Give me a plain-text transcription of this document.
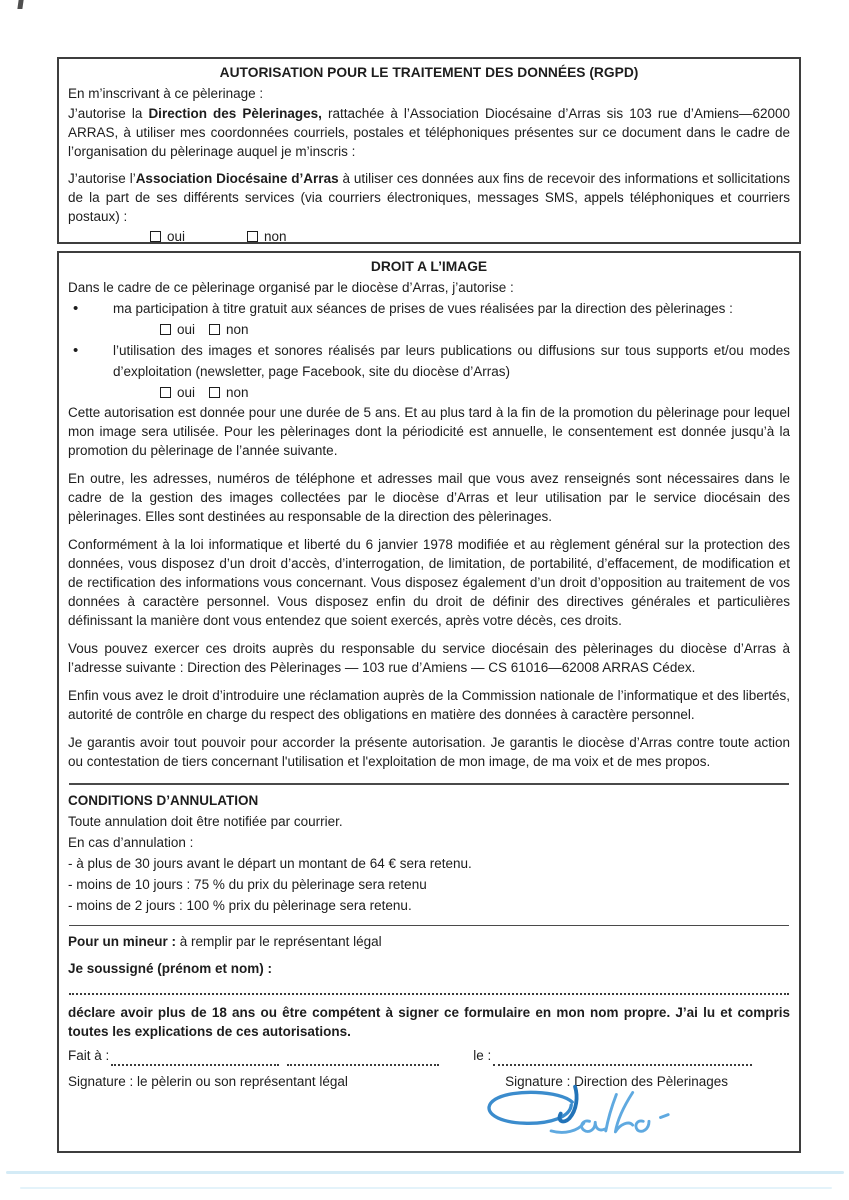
AUTORISATION POUR LE TRAITEMENT DES DONNÉES (RGPD)

En m’inscrivant à ce pèlerinage :

J’autorise la Direction des Pèlerinages, rattachée à l’Association Diocésaine d’Arras sis 103 rue d’Amiens—62000 ARRAS, à utiliser mes coordonnées courriels, postales et téléphoniques présentes sur ce document dans le cadre de l’organisation du pèlerinage auquel je m’inscris :

J’autorise l’Association Diocésaine d’Arras à utiliser ces données aux fins de recevoir des informations et sollicitations de la part de ses différents services (via courriers électroniques, messages SMS, appels téléphoniques et courriers postaux) :

oui	non
DROIT A L’IMAGE

Dans le cadre de ce pèlerinage organisé par le diocèse d’Arras, j’autorise :

•
ma participation à titre gratuit aux séances de prises de vues réalisées par la direction des pèlerinages :
oui non
•
l’utilisation des images et sonores réalisés par leurs publications ou diffusions sur tous supports et/ou modes d’exploitation (newsletter, page Facebook, site du diocèse d’Arras)
oui non

Cette autorisation est donnée pour une durée de 5 ans. Et au plus tard à la fin de la promotion du pèlerinage pour lequel mon image sera utilisée. Pour les pèlerinages dont la périodicité est annuelle, le consentement est donnée jusqu’à la promotion du pèlerinage de l’année suivante.

En outre, les adresses, numéros de téléphone et adresses mail que vous avez renseignés sont nécessaires dans le cadre de la gestion des images collectées par le diocèse d’Arras et leur utilisation par le service diocésain des pèlerinages. Elles sont destinées au responsable de la direction des pèlerinages.

Conformément à la loi informatique et liberté du 6 janvier 1978 modifiée et au règlement général sur la protection des données, vous disposez d’un droit d’accès, d’interrogation, de limitation, de portabilité, d’effacement, de modification et de rectification des informations vous concernant. Vous disposez également d’un droit d’opposition au traitement de vos données à caractère personnel. Vous disposez enfin du droit de définir des directives générales et particulières définissant la manière dont vous entendez que soient exercés, après votre décès, ces droits.

Vous pouvez exercer ces droits auprès du responsable du service diocésain des pèlerinages du diocèse d’Arras à l’adresse suivante : Direction des Pèlerinages — 103 rue d’Amiens — CS 61016—62008 ARRAS Cédex.

Enfin vous avez le droit d’introduire une réclamation auprès de la Commission nationale de l’informatique et des libertés, autorité de contrôle en charge du respect des obligations en matière des données à caractère personnel.

Je garantis avoir tout pouvoir pour accorder la présente autorisation. Je garantis le diocèse d’Arras contre toute action ou contestation de tiers concernant l'utilisation et l'exploitation de mon image, de ma voix et de mes propos.

CONDITIONS D’ANNULATION

Toute annulation doit être notifiée par courrier.

En cas d’annulation :

- à plus de 30 jours avant le départ un montant de 64 € sera retenu.

- moins de 10 jours : 75 % du prix du pèlerinage sera retenu

- moins de 2 jours : 100 % prix du pèlerinage sera retenu.

Pour un mineur : à remplir par le représentant légal

Je soussigné (prénom et nom) :

déclare avoir plus de 18 ans ou être compétent à signer ce formulaire en mon nom propre. J’ai lu et compris toutes les explications de ces autorisations.

Fait à :	le :
Signature : le pèlerin ou son représentant légal	Signature : Direction des Pèlerinages
